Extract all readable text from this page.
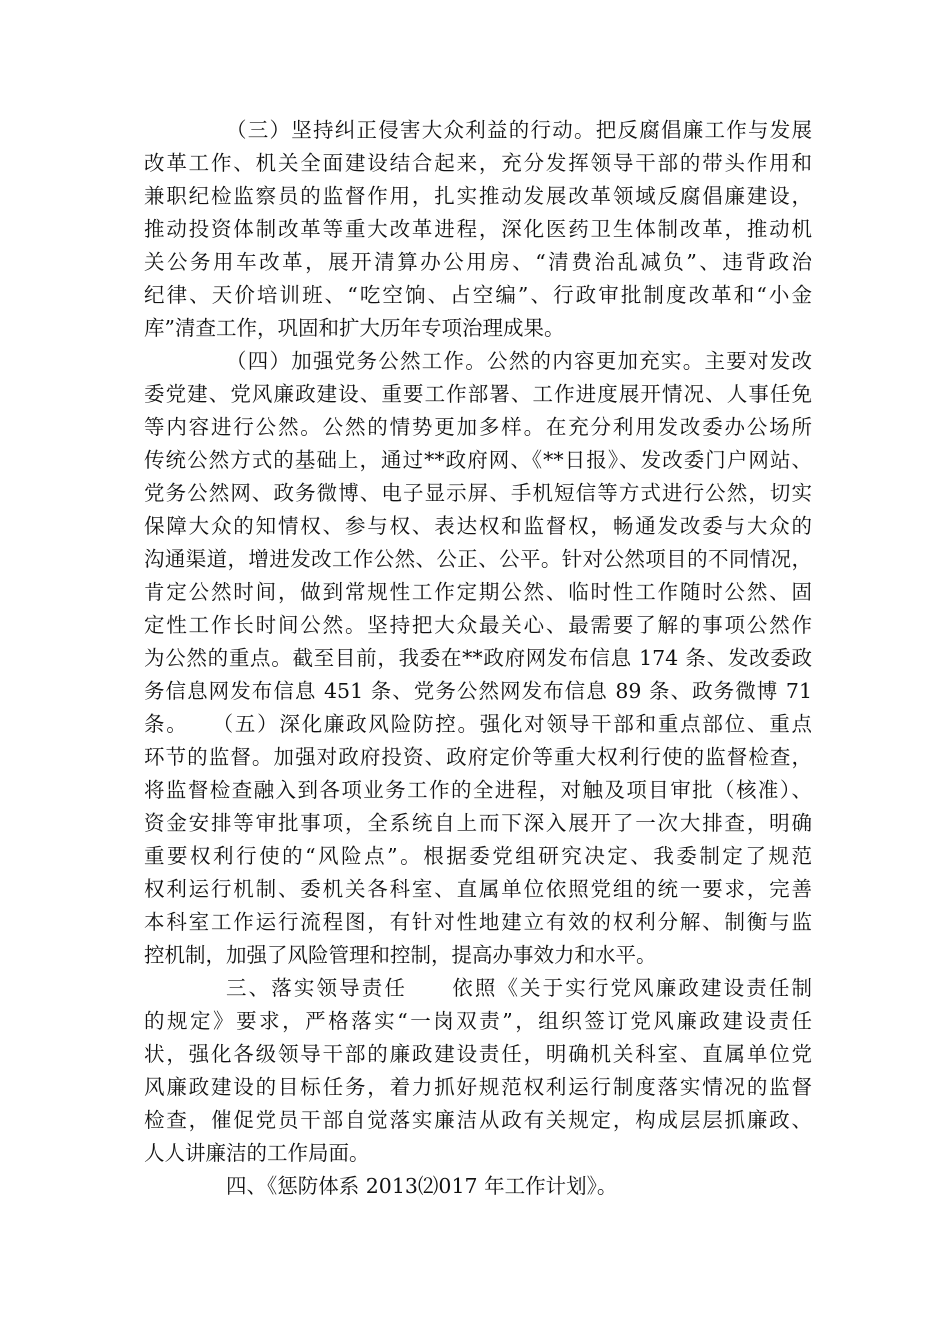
（三）坚持纠正侵害大众利益的行动。把反腐倡廉工作与发展
改革工作、机关全面建设结合起来，充分发挥领导干部的带头作用和
兼职纪检监察员的监督作用，扎实推动发展改革领域反腐倡廉建设，
推动投资体制改革等重大改革进程，深化医药卫生体制改革，推动机
关公务用车改革，展开清算办公用房、“清费治乱减负”、违背政治
纪律、天价培训班、“吃空饷、占空编”、行政审批制度改革和“小金
库”清查工作，巩固和扩大历年专项治理成果。
（四）加强党务公然工作。公然的内容更加充实。主要对发改
委党建、党风廉政建设、重要工作部署、工作进度展开情况、人事任免
等内容进行公然。公然的情势更加多样。在充分利用发改委办公场所
传统公然方式的基础上，通过**政府网、《**日报》、发改委门户网站、
党务公然网、政务微博、电子显示屏、手机短信等方式进行公然，切实
保障大众的知情权、参与权、表达权和监督权，畅通发改委与大众的
沟通渠道，增进发改工作公然、公正、公平。针对公然项目的不同情况，
肯定公然时间，做到常规性工作定期公然、临时性工作随时公然、固
定性工作长时间公然。坚持把大众最关心、最需要了解的事项公然作
为公然的重点。截至目前，我委在**政府网发布信息 174 条、发改委政
务信息网发布信息 451 条、党务公然网发布信息 89 条、政务微博 71
条。　　（五）深化廉政风险防控。强化对领导干部和重点部位、重点
环节的监督。加强对政府投资、政府定价等重大权利行使的监督检查，
将监督检查融入到各项业务工作的全进程，对触及项目审批（核准）、
资金安排等审批事项，全系统自上而下深入展开了一次大排查，明确
重要权利行使的“风险点”。根据委党组研究决定、我委制定了规范
权利运行机制、委机关各科室、直属单位依照党组的统一要求，完善
本科室工作运行流程图，有针对性地建立有效的权利分解、制衡与监
控机制，加强了风险管理和控制，提高办事效力和水平。
三、落实领导责任　　依照《关于实行党风廉政建设责任制
的规定》要求，严格落实“一岗双责”，组织签订党风廉政建设责任
状，强化各级领导干部的廉政建设责任，明确机关科室、直属单位党
风廉政建设的目标任务，着力抓好规范权利运行制度落实情况的监督
检查，催促党员干部自觉落实廉洁从政有关规定，构成层层抓廉政、
人人讲廉洁的工作局面。
四、《惩防体系 2013⑵017 年工作计划》。
